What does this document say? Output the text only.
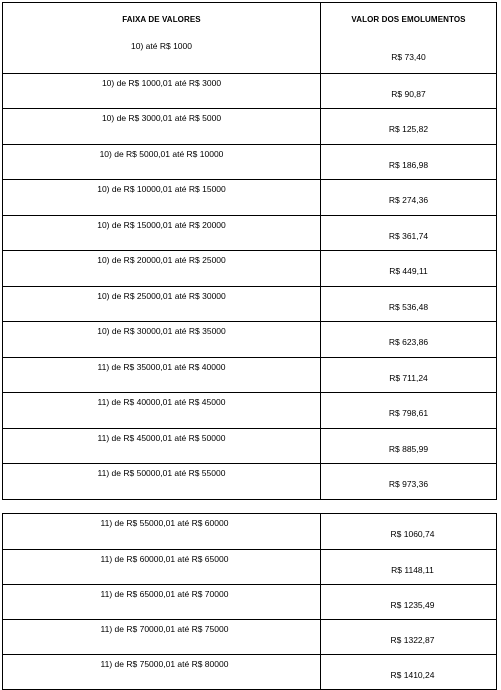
FAIXA DE VALORES	VALOR DOS EMOLUMENTOS
10) até R$ 1000
R$ 73,40
10) de R$ 1000,01 até R$ 3000
R$ 90,87
10) de R$ 3000,01 até R$ 5000
R$ 125,82
10) de R$ 5000,01 até R$ 10000
R$ 186,98
10) de R$ 10000,01 até R$ 15000
R$ 274,36
10) de R$ 15000,01 até R$ 20000
R$ 361,74
10) de R$ 20000,01 até R$ 25000
R$ 449,11
10) de R$ 25000,01 até R$ 30000
R$ 536,48
10) de R$ 30000,01 até R$ 35000
R$ 623,86
11) de R$ 35000,01 até R$ 40000
R$ 711,24
11) de R$ 40000,01 até R$ 45000
R$ 798,61
11) de R$ 45000,01 até R$ 50000
R$ 885,99
11) de R$ 50000,01 até R$ 55000
R$ 973,36
11) de R$ 55000,01 até R$ 60000
R$ 1060,74
11) de R$ 60000,01 até R$ 65000
R$ 1148,11
11) de R$ 65000,01 até R$ 70000
R$ 1235,49
11) de R$ 70000,01 até R$ 75000
R$ 1322,87
11) de R$ 75000,01 até R$ 80000
R$ 1410,24
